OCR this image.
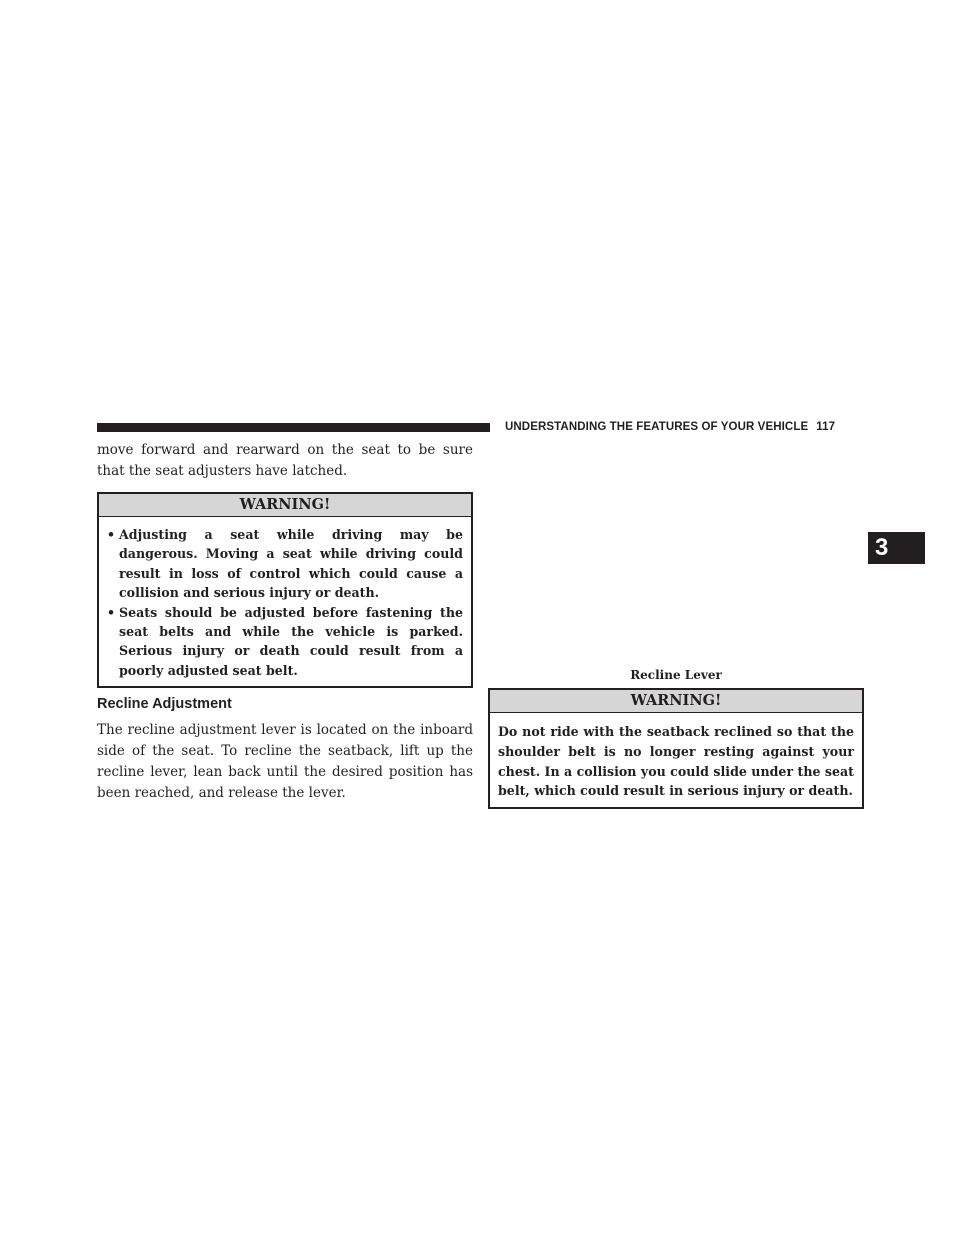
UNDERSTANDING THE FEATURES OF YOUR VEHICLE 117
3

move forward and rearward on the seat to be sure that the seat adjusters have latched.

WARNING!
• Adjusting a seat while driving may be dangerous. Moving a seat while driving could result in loss of control which could cause a collision and serious injury or death.
• Seats should be adjusted before fastening the seat belts and while the vehicle is parked. Serious injury or death could result from a poorly adjusted seat belt.
Recline Adjustment

The recline adjustment lever is located on the inboard side of the seat. To recline the seatback, lift up the recline lever, lean back until the desired position has been reached, and release the lever.

Recline Lever
WARNING!

Do not ride with the seatback reclined so that the shoulder belt is no longer resting against your chest. In a collision you could slide under the seat belt, which could result in serious injury or death.
